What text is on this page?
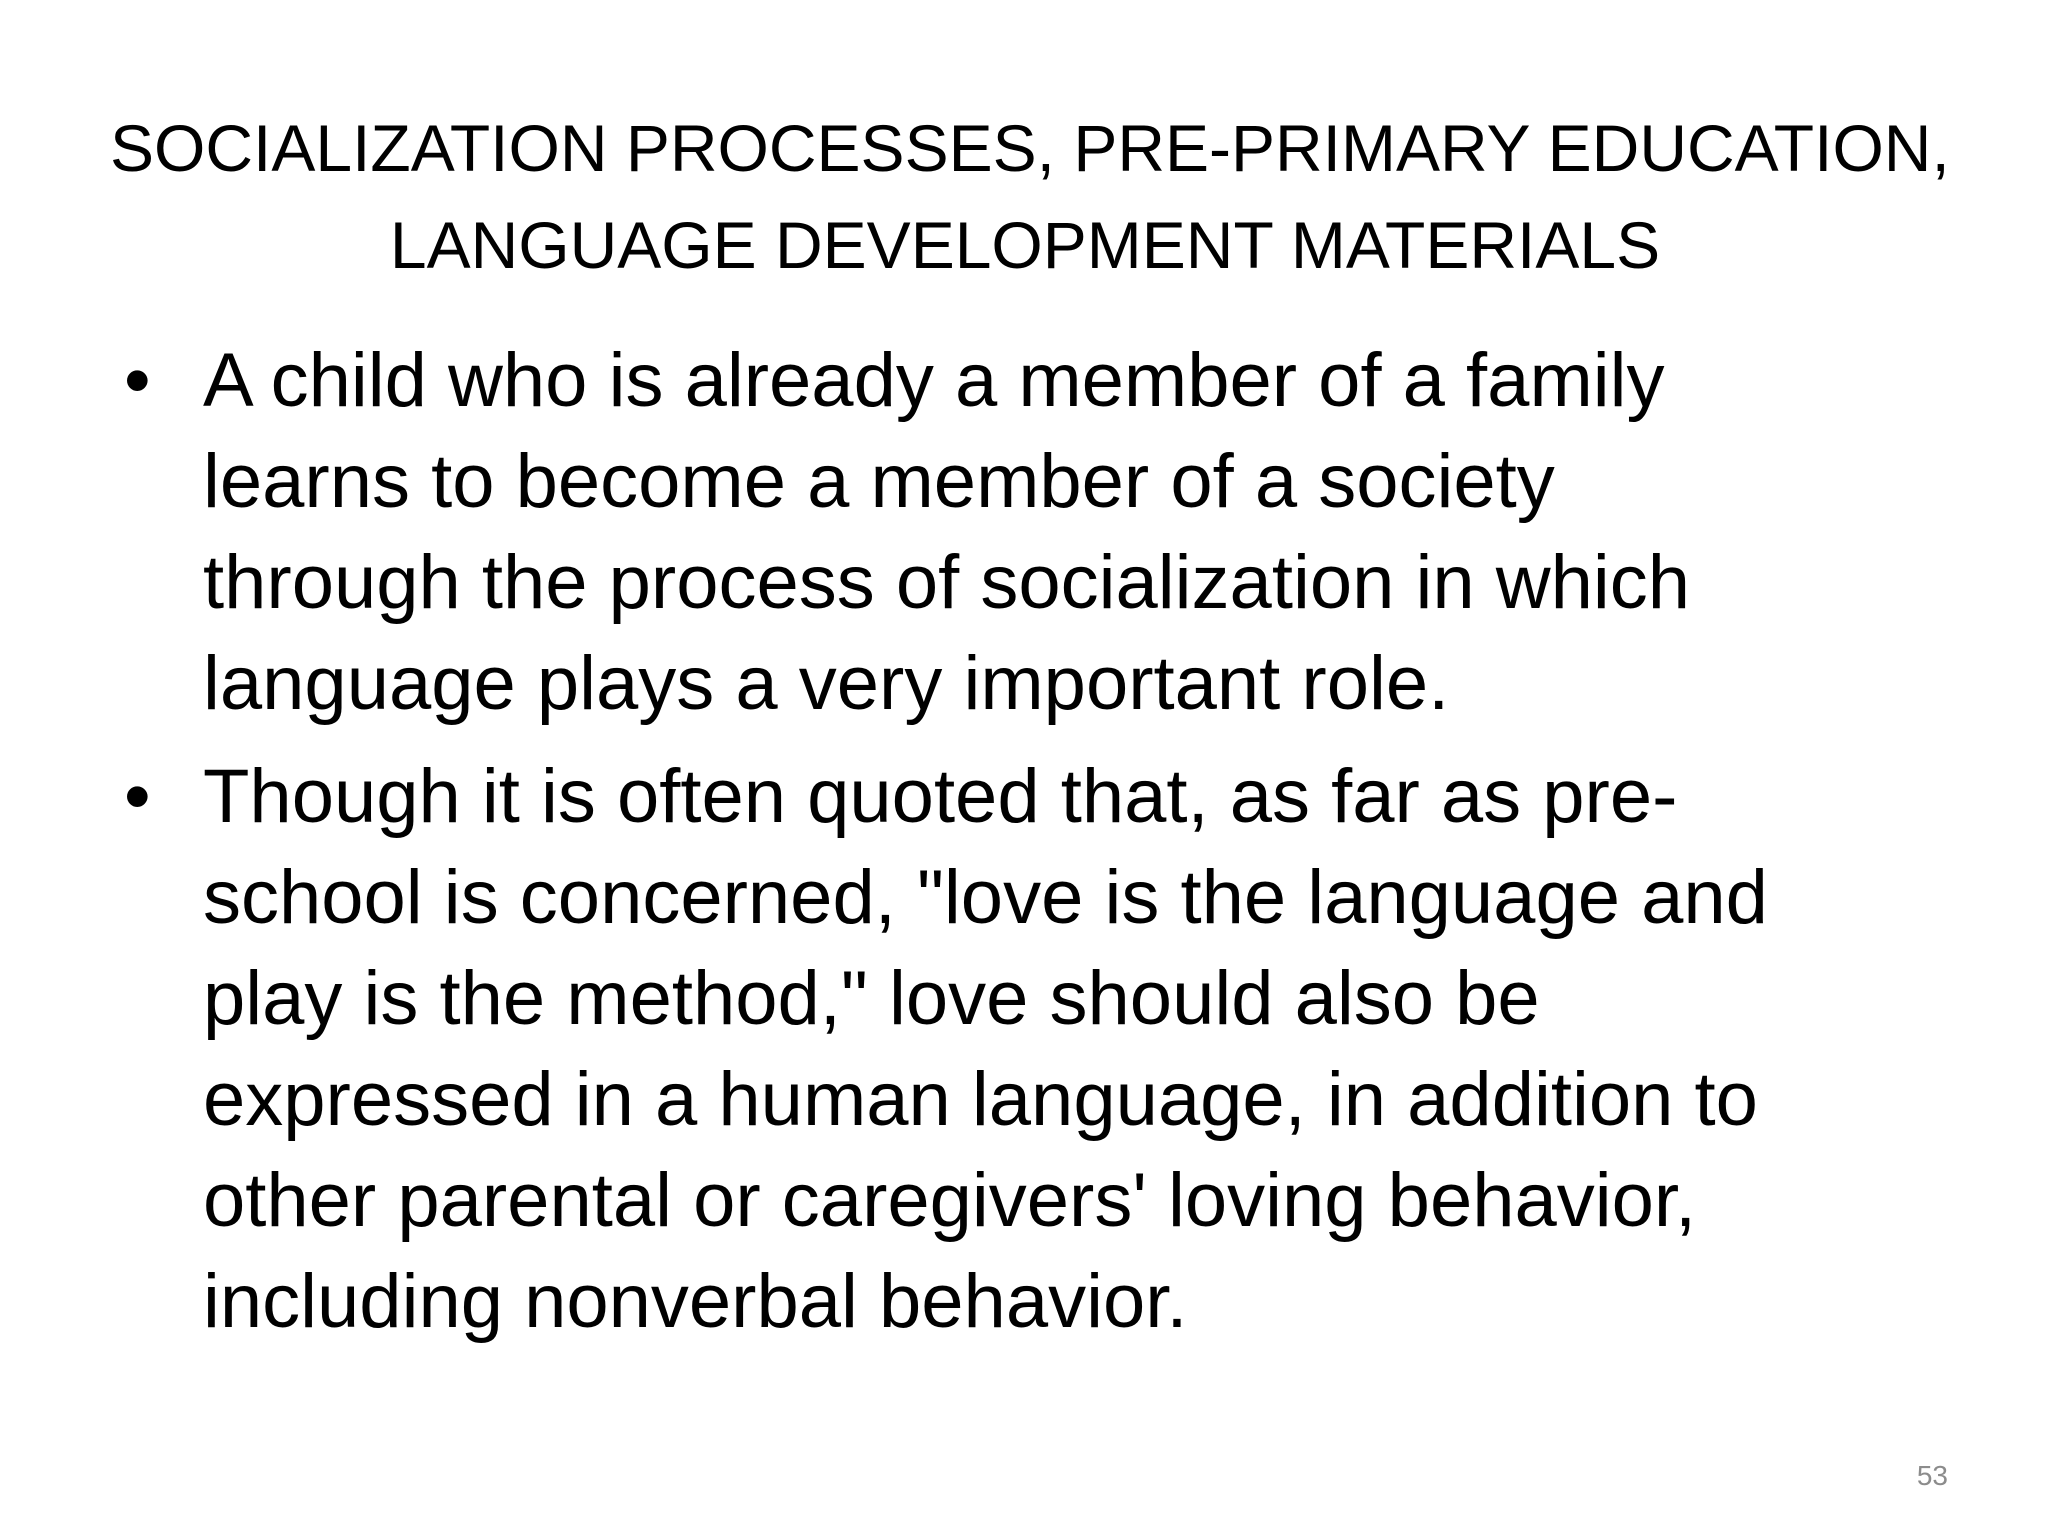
SOCIALIZATION PROCESSES, PRE-PRIMARY EDUCATION,
LANGUAGE DEVELOPMENT MATERIALS
• A child who is already a member of a family
learns to become a member of a society
through the process of socialization in which
language plays a very important role.
• Though it is often quoted that, as far as pre-
school is concerned, "love is the language and
play is the method," love should also be
expressed in a human language, in addition to
other parental or caregivers' loving behavior,
including nonverbal behavior.
53
